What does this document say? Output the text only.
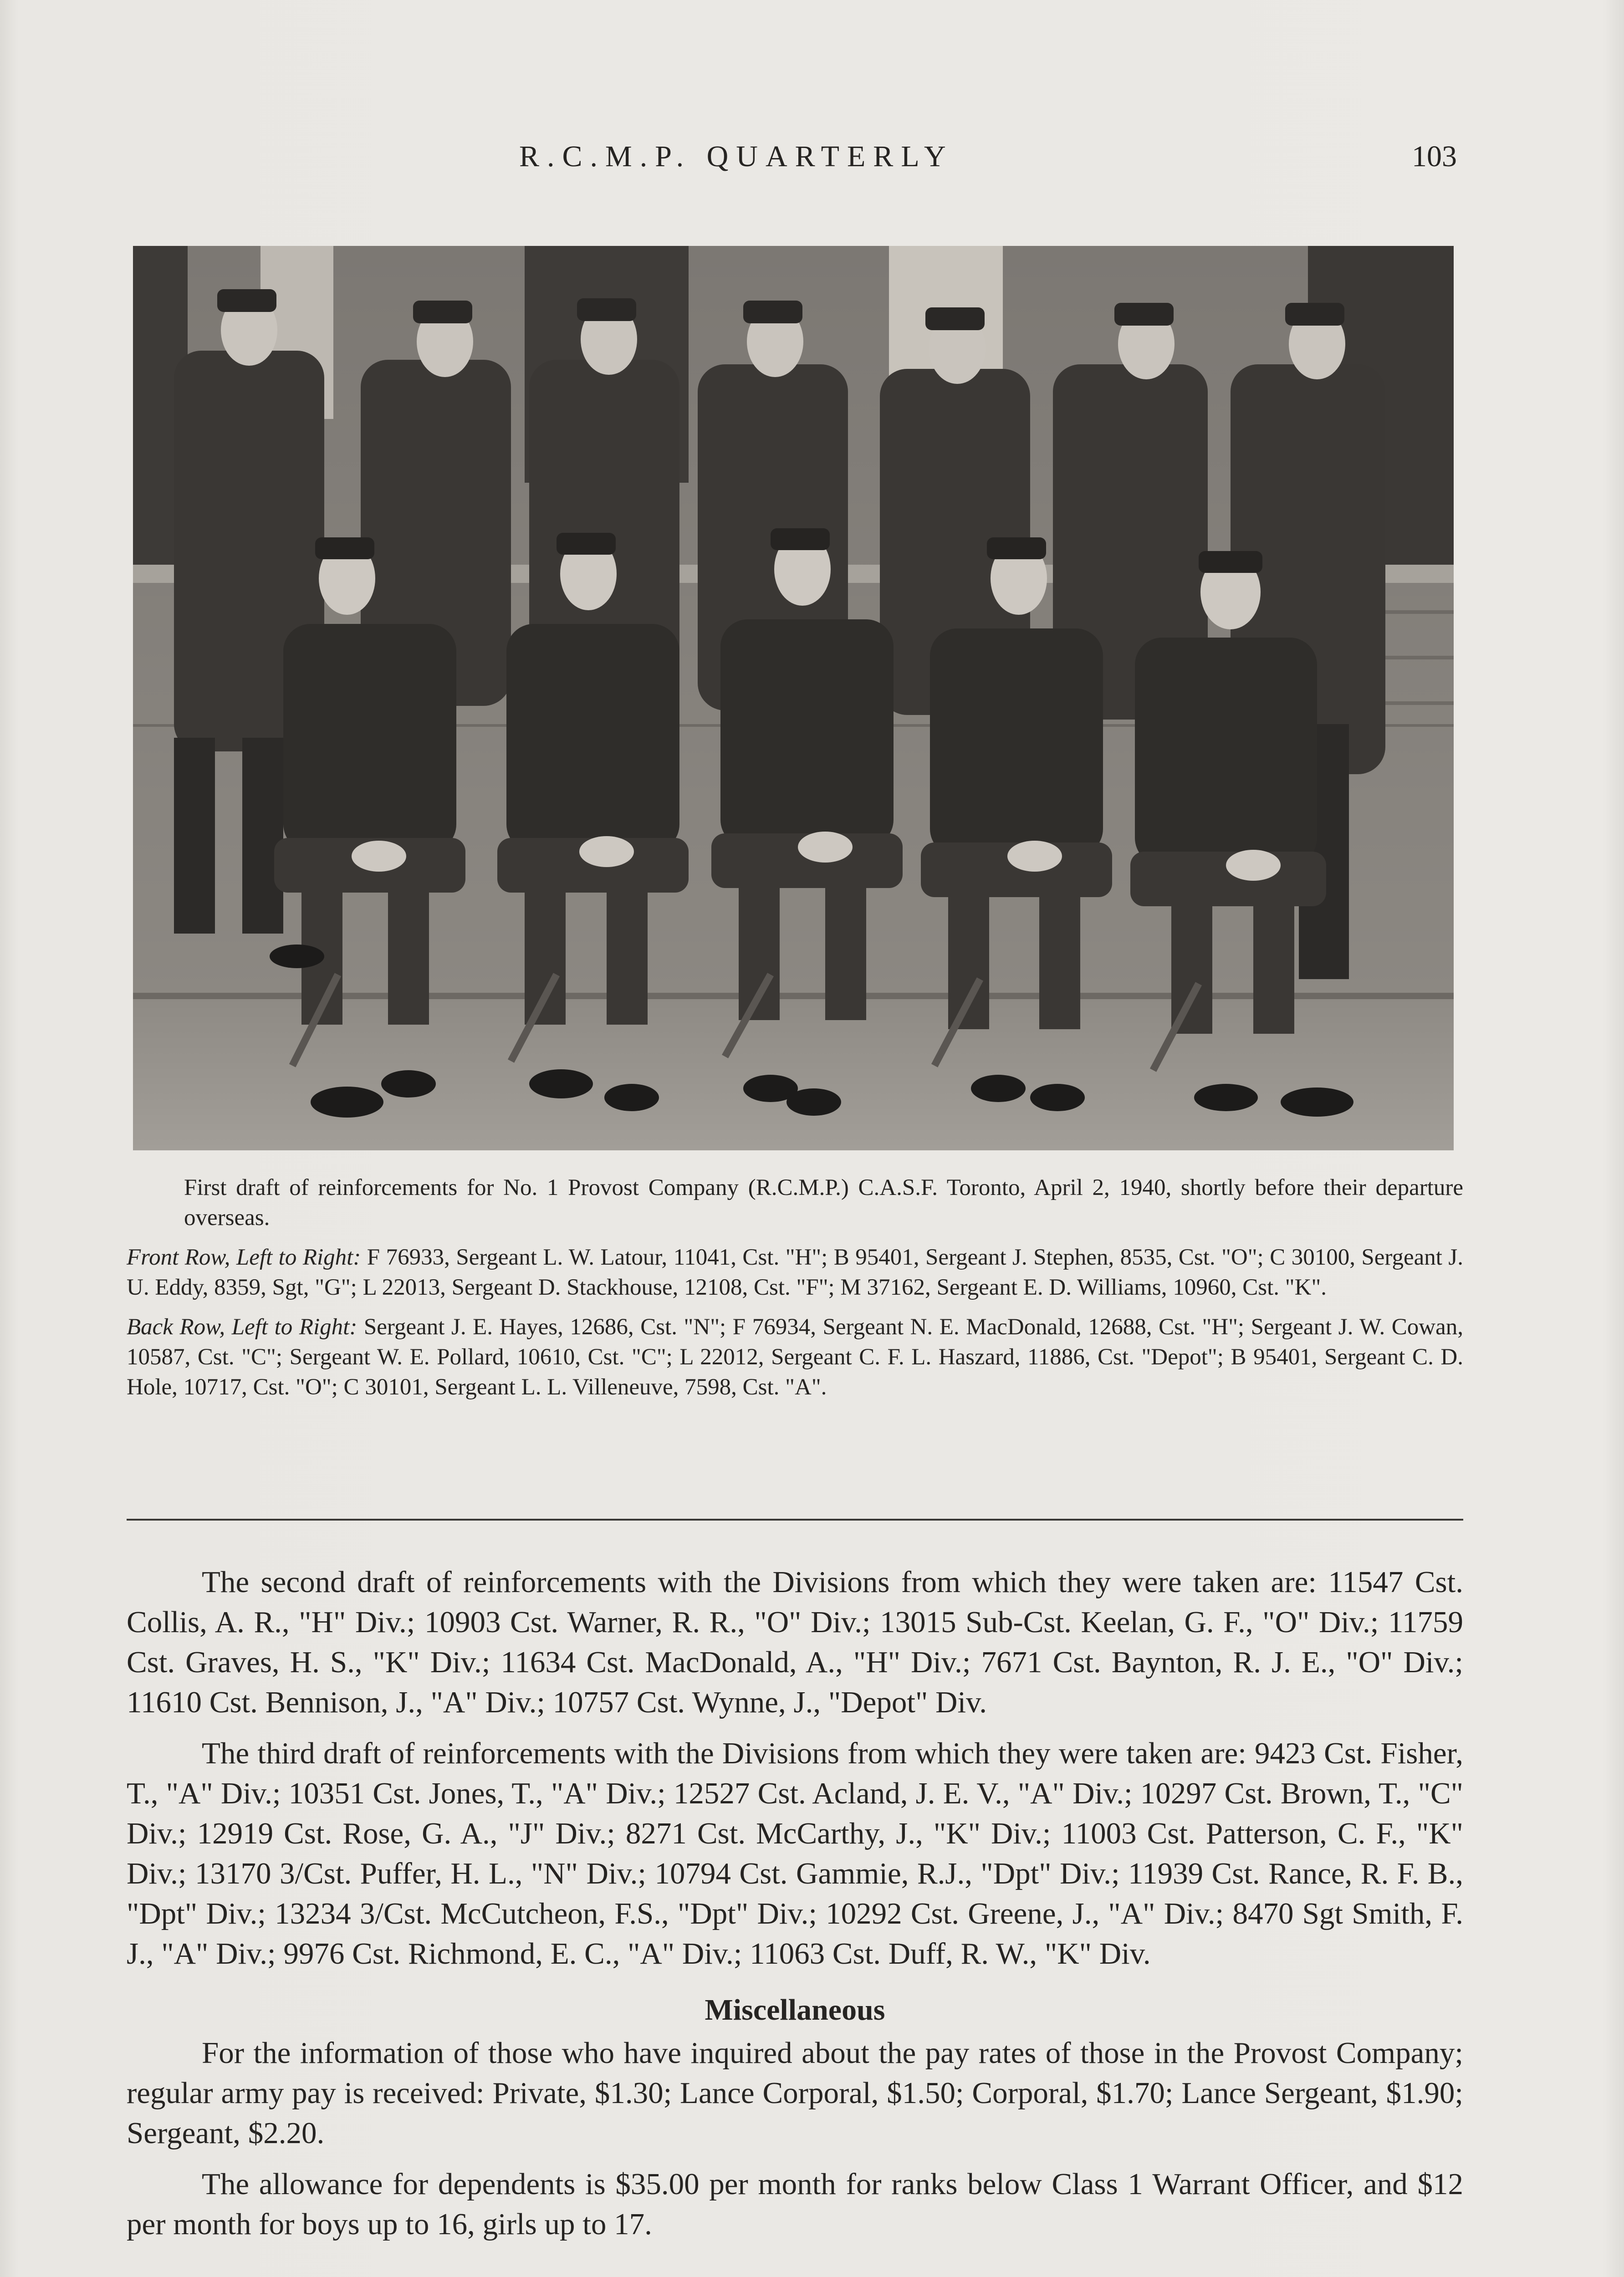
R.C.M.P. QUARTERLY	103

First draft of reinforcements for No. 1 Provost Company (R.C.M.P.) C.A.S.F. Toronto, April 2, 1940, shortly before their departure overseas.

Front Row, Left to Right: F 76933, Sergeant L. W. Latour, 11041, Cst. "H"; B 95401, Sergeant J. Stephen, 8535, Cst. "O"; C 30100, Sergeant J. U. Eddy, 8359, Sgt, "G"; L 22013, Sergeant D. Stackhouse, 12108, Cst. "F"; M 37162, Sergeant E. D. Williams, 10960, Cst. "K".

Back Row, Left to Right: Sergeant J. E. Hayes, 12686, Cst. "N"; F 76934, Sergeant N. E. MacDonald, 12688, Cst. "H"; Sergeant J. W. Cowan, 10587, Cst. "C"; Sergeant W. E. Pollard, 10610, Cst. "C"; L 22012, Sergeant C. F. L. Haszard, 11886, Cst. "Depot"; B 95401, Sergeant C. D. Hole, 10717, Cst. "O"; C 30101, Sergeant L. L. Villeneuve, 7598, Cst. "A".

The second draft of reinforcements with the Divisions from which they were taken are: 11547 Cst. Collis, A. R., "H" Div.; 10903 Cst. Warner, R. R., "O" Div.; 13015 Sub-Cst. Keelan, G. F., "O" Div.; 11759 Cst. Graves, H. S., "K" Div.; 11634 Cst. MacDonald, A., "H" Div.; 7671 Cst. Baynton, R. J. E., "O" Div.; 11610 Cst. Bennison, J., "A" Div.; 10757 Cst. Wynne, J., "Depot" Div.

The third draft of reinforcements with the Divisions from which they were taken are: 9423 Cst. Fisher, T., "A" Div.; 10351 Cst. Jones, T., "A" Div.; 12527 Cst. Acland, J. E. V., "A" Div.; 10297 Cst. Brown, T., "C" Div.; 12919 Cst. Rose, G. A., "J" Div.; 8271 Cst. McCarthy, J., "K" Div.; 11003 Cst. Patterson, C. F., "K" Div.; 13170 3/Cst. Puffer, H. L., "N" Div.; 10794 Cst. Gammie, R.J., "Dpt" Div.; 11939 Cst. Rance, R. F. B., "Dpt" Div.; 13234 3/Cst. McCutcheon, F.S., "Dpt" Div.; 10292 Cst. Greene, J., "A" Div.; 8470 Sgt Smith, F. J., "A" Div.; 9976 Cst. Richmond, E. C., "A" Div.; 11063 Cst. Duff, R. W., "K" Div.

Miscellaneous

For the information of those who have inquired about the pay rates of those in the Provost Company; regular army pay is received: Private, $1.30; Lance Corporal, $1.50; Corporal, $1.70; Lance Sergeant, $1.90; Sergeant, $2.20.

The allowance for dependents is $35.00 per month for ranks below Class 1 Warrant Officer, and $12 per month for boys up to 16, girls up to 17.
